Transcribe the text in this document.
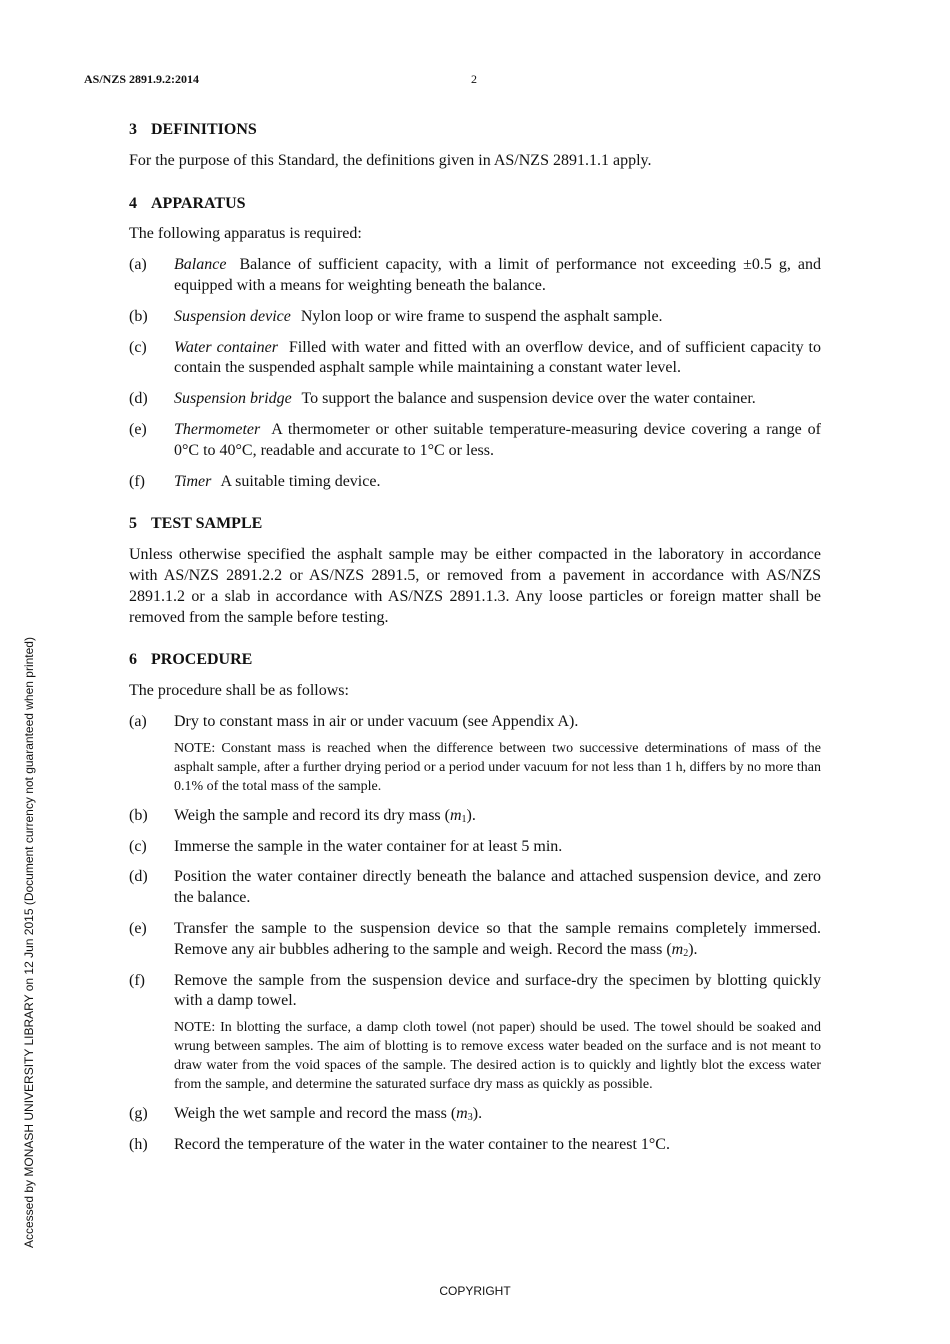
AS/NZS 2891.9.2:2014	2
3 DEFINITIONS

For the purpose of this Standard, the definitions given in AS/NZS 2891.1.1 apply.

4 APPARATUS

The following apparatus is required:

(a)	Balance Balance of sufficient capacity, with a limit of performance not exceeding ±0.5 g, and equipped with a means for weighting beneath the balance.
(b)	Suspension device Nylon loop or wire frame to suspend the asphalt sample.
(c)	Water container Filled with water and fitted with an overflow device, and of sufficient capacity to contain the suspended asphalt sample while maintaining a constant water level.
(d)	Suspension bridge To support the balance and suspension device over the water container.
(e)	Thermometer A thermometer or other suitable temperature-measuring device covering a range of 0°C to 40°C, readable and accurate to 1°C or less.
(f)	Timer A suitable timing device.
5 TEST SAMPLE

Unless otherwise specified the asphalt sample may be either compacted in the laboratory in accordance with AS/NZS 2891.2.2 or AS/NZS 2891.5, or removed from a pavement in accordance with AS/NZS 2891.1.2 or a slab in accordance with AS/NZS 2891.1.3. Any loose particles or foreign matter shall be removed from the sample before testing.

6 PROCEDURE

The procedure shall be as follows:

(a)	Dry to constant mass in air or under vacuum (see Appendix A).
NOTE: Constant mass is reached when the difference between two successive determinations of mass of the asphalt sample, after a further drying period or a period under vacuum for not less than 1 h, differs by no more than 0.1% of the total mass of the sample.
(b)	Weigh the sample and record its dry mass $(m_1)$.
(c)	Immerse the sample in the water container for at least 5 min.
(d)	Position the water container directly beneath the balance and attached suspension device, and zero the balance.
(e)	Transfer the sample to the suspension device so that the sample remains completely immersed. Remove any air bubbles adhering to the sample and weigh. Record the mass $(m_2)$.
(f)	Remove the sample from the suspension device and surface-dry the specimen by blotting quickly with a damp towel.
NOTE: In blotting the surface, a damp cloth towel (not paper) should be used. The towel should be soaked and wrung between samples. The aim of blotting is to remove excess water beaded on the surface and is not meant to draw water from the void spaces of the sample. The desired action is to quickly and lightly blot the excess water from the sample, and determine the saturated surface dry mass as quickly as possible.
(g)	Weigh the wet sample and record the mass $(m_3)$.
(h)	Record the temperature of the water in the water container to the nearest 1°C.
Accessed by MONASH UNIVERSITY LIBRARY on 12 Jun 2015 (Document currency not guaranteed when printed)
COPYRIGHT
